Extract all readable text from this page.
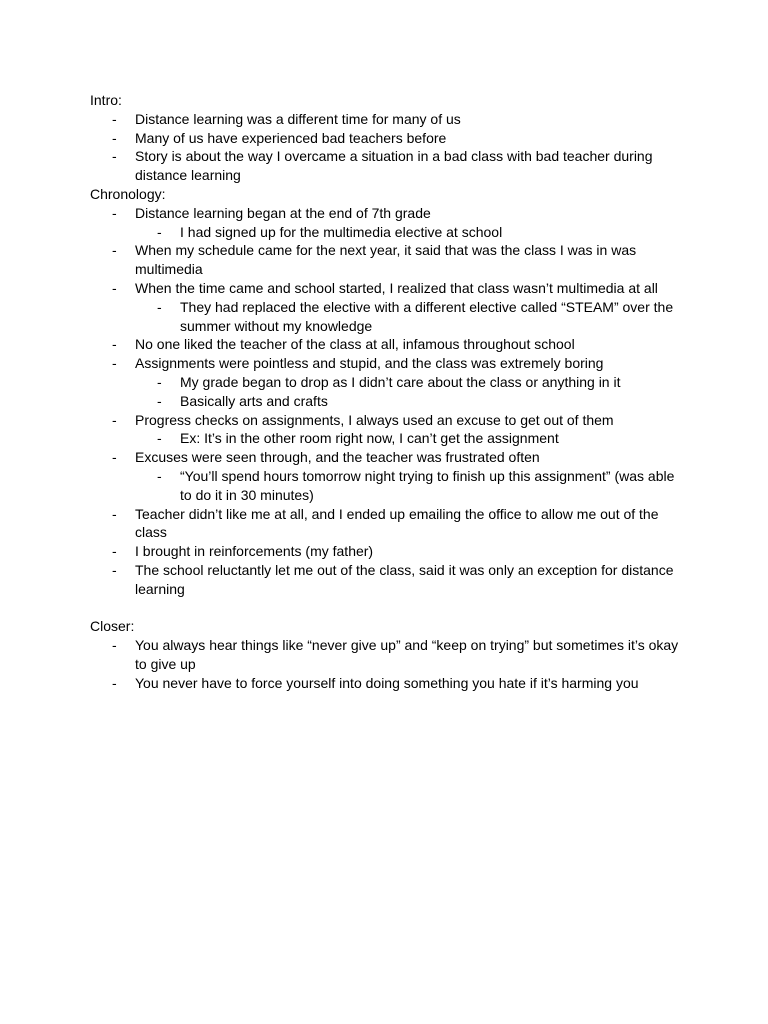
Intro:
- Distance learning was a different time for many of us
- Many of us have experienced bad teachers before
- Story is about the way I overcame a situation in a bad class with bad teacher during distance learning
Chronology:
- Distance learning began at the end of 7th grade
- I had signed up for the multimedia elective at school
- When my schedule came for the next year, it said that was the class I was in was multimedia
- When the time came and school started, I realized that class wasn’t multimedia at all
- They had replaced the elective with a different elective called “STEAM” over the summer without my knowledge
- No one liked the teacher of the class at all, infamous throughout school
- Assignments were pointless and stupid, and the class was extremely boring
- My grade began to drop as I didn’t care about the class or anything in it
- Basically arts and crafts
- Progress checks on assignments, I always used an excuse to get out of them
- Ex: It’s in the other room right now, I can’t get the assignment
- Excuses were seen through, and the teacher was frustrated often
- “You’ll spend hours tomorrow night trying to finish up this assignment” (was able to do it in 30 minutes)
- Teacher didn’t like me at all, and I ended up emailing the office to allow me out of the class
- I brought in reinforcements (my father)
- The school reluctantly let me out of the class, said it was only an exception for distance learning
Closer:
- You always hear things like “never give up” and “keep on trying” but sometimes it’s okay to give up
- You never have to force yourself into doing something you hate if it’s harming you
